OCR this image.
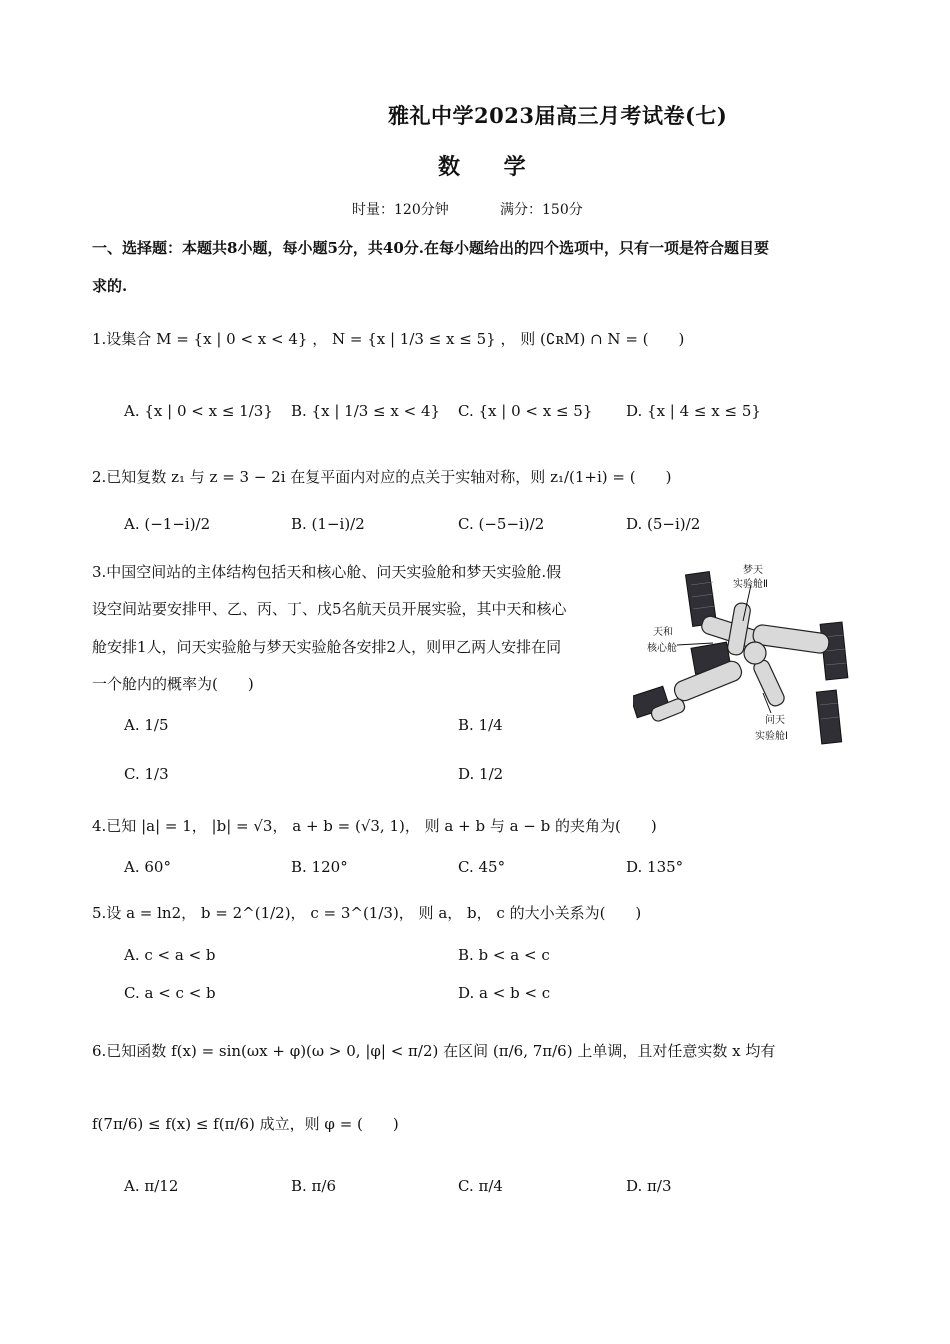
雅礼中学2023届高三月考试卷(七)
数 学
时量：120分钟	满分：150分
一、选择题：本题共8小题，每小题5分，共40分.在每小题给出的四个选项中，只有一项是符合题目要
求的.
1.设集合 M = {x | 0 < x < 4} ， N = {x | 1/3 ≤ x ≤ 5} ， 则 (∁ʀM) ∩ N = (　　)
A. {x | 0 < x ≤ 1/3} B. {x | 1/3 ≤ x < 4} C. {x | 0 < x ≤ 5} D. {x | 4 ≤ x ≤ 5}
2.已知复数 z₁ 与 z = 3 − 2i 在复平面内对应的点关于实轴对称，则 z₁/(1+i) = (　　)
A. (−1−i)/2	B. (1−i)/2	C. (−5−i)/2	D. (5−i)/2
3.中国空间站的主体结构包括天和核心舱、问天实验舱和梦天实验舱.假
设空间站要安排甲、乙、丙、丁、戊5名航天员开展实验，其中天和核心
舱安排1人，问天实验舱与梦天实验舱各安排2人，则甲乙两人安排在同
一个舱内的概率为(　　)
A. 1/5	B. 1/4
C. 1/3	D. 1/2
梦天
实验舱Ⅱ
天和
核心舱
问天
实验舱Ⅰ
4.已知 |a| = 1， |b| = √3， a + b = (√3, 1)， 则 a + b 与 a − b 的夹角为(　　)
A. 60°	B. 120°	C. 45°	D. 135°
5.设 a = ln2， b = 2^(1/2)， c = 3^(1/3)， 则 a， b， c 的大小关系为(　　)
A. c < a < b	B. b < a < c
C. a < c < b	D. a < b < c
6.已知函数 f(x) = sin(ωx + φ)(ω > 0, |φ| < π/2) 在区间 (π/6, 7π/6) 上单调，且对任意实数 x 均有
f(7π/6) ≤ f(x) ≤ f(π/6) 成立，则 φ = (　　)
A. π/12	B. π/6	C. π/4	D. π/3
